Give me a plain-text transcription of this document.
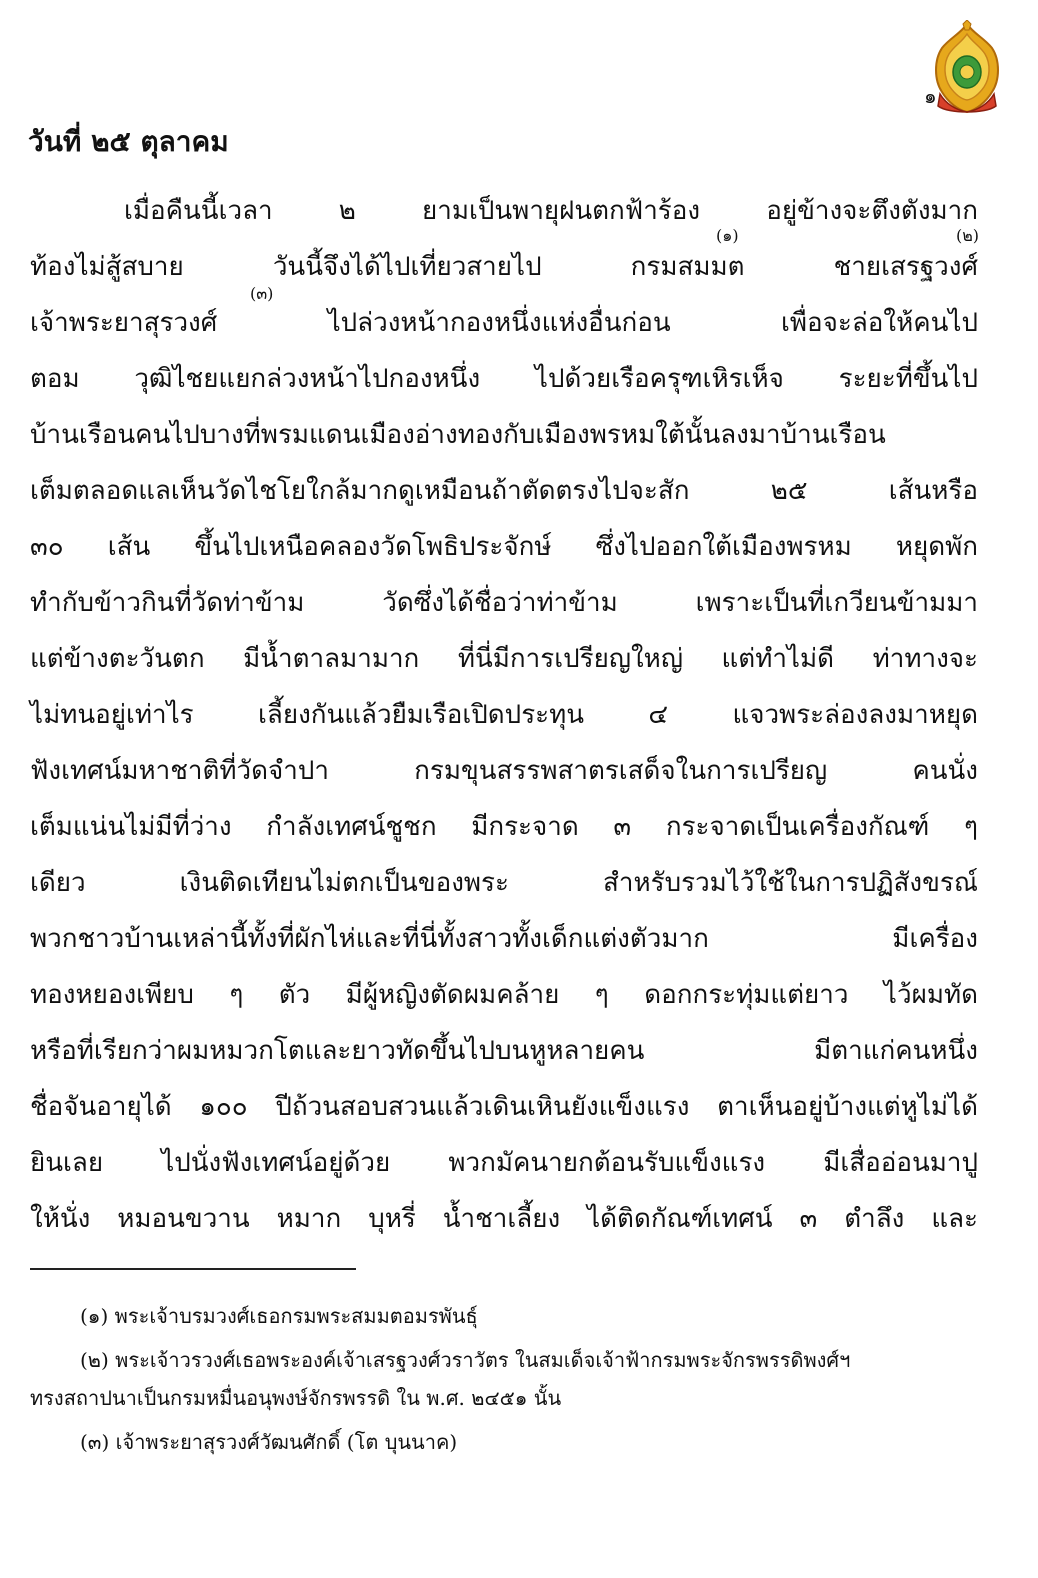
๑
วันที่ ๒๕ ตุลาคม
เมื่อคืนนี้เวลา ๒ ยามเป็นพายุฝนตกฟ้าร้อง อยู่ข้างจะตึงตังมาก
ท้องไม่สู้สบาย วันนี้จึงได้ไปเที่ยวสายไป กรมสมมต ชายเสรฐวงศ์
เจ้าพระยาสุรวงศ์ ไปล่วงหน้ากองหนึ่งแห่งอื่นก่อน เพื่อจะล่อให้คนไป
ตอม วุฒิไชยแยกล่วงหน้าไปกองหนึ่ง ไปด้วยเรือครุฑเหิรเห็จ ระยะที่ขึ้นไป
บ้านเรือนคนไปบางที่พรมแดนเมืองอ่างทองกับเมืองพรหมใต้นั้นลงมาบ้านเรือน
เต็มตลอดแลเห็นวัดไชโยใกล้มากดูเหมือนถ้าตัดตรงไปจะสัก ๒๕ เส้นหรือ
๓๐ เส้น ขึ้นไปเหนือคลองวัดโพธิประจักษ์ ซึ่งไปออกใต้เมืองพรหม หยุดพัก
ทำกับข้าวกินที่วัดท่าข้าม วัดซึ่งได้ชื่อว่าท่าข้าม เพราะเป็นที่เกวียนข้ามมา
แต่ข้างตะวันตก มีน้ำตาลมามาก ที่นี่มีการเปรียญใหญ่ แต่ทำไม่ดี ท่าทางจะ
ไม่ทนอยู่เท่าไร เลี้ยงกันแล้วยืมเรือเปิดประทุน ๔ แจวพระล่องลงมาหยุด
ฟังเทศน์มหาชาติที่วัดจำปา กรมขุนสรรพสาตรเสด็จในการเปรียญ คนนั่ง
เต็มแน่นไม่มีที่ว่าง กำลังเทศน์ชูชก มีกระจาด ๓ กระจาดเป็นเครื่องกัณฑ์ ๆ
เดียว เงินติดเทียนไม่ตกเป็นของพระ สำหรับรวมไว้ใช้ในการปฏิสังขรณ์
พวกชาวบ้านเหล่านี้ทั้งที่ผักไห่และที่นี่ทั้งสาวทั้งเด็กแต่งตัวมาก มีเครื่อง
ทองหยองเพียบ ๆ ตัว มีผู้หญิงตัดผมคล้าย ๆ ดอกกระทุ่มแต่ยาว ไว้ผมทัด
หรือที่เรียกว่าผมหมวกโตและยาวทัดขึ้นไปบนหูหลายคน มีตาแก่คนหนึ่ง
ชื่อจันอายุได้ ๑๐๐ ปีถ้วนสอบสวนแล้วเดินเหินยังแข็งแรง ตาเห็นอยู่บ้างแต่หูไม่ได้
ยินเลย ไปนั่งฟังเทศน์อยู่ด้วย พวกมัคนายกต้อนรับแข็งแรง มีเสื่ออ่อนมาปู
ให้นั่ง หมอนขวาน หมาก บุหรี่ น้ำชาเลี้ยง ได้ติดกัณฑ์เทศน์ ๓ ตำลึง และ
(๑)	(๒)
(๓)
(๑) พระเจ้าบรมวงศ์เธอกรมพระสมมตอมรพันธุ์
(๒) พระเจ้าวรวงศ์เธอพระองค์เจ้าเสรฐวงศ์วราวัตร ในสมเด็จเจ้าฟ้ากรมพระจักรพรรดิพงศ์ฯ
ทรงสถาปนาเป็นกรมหมื่นอนุพงษ์จักรพรรดิ ใน พ.ศ. ๒๔๕๑ นั้น
(๓) เจ้าพระยาสุรวงศ์วัฒนศักดิ์ (โต บุนนาค)
